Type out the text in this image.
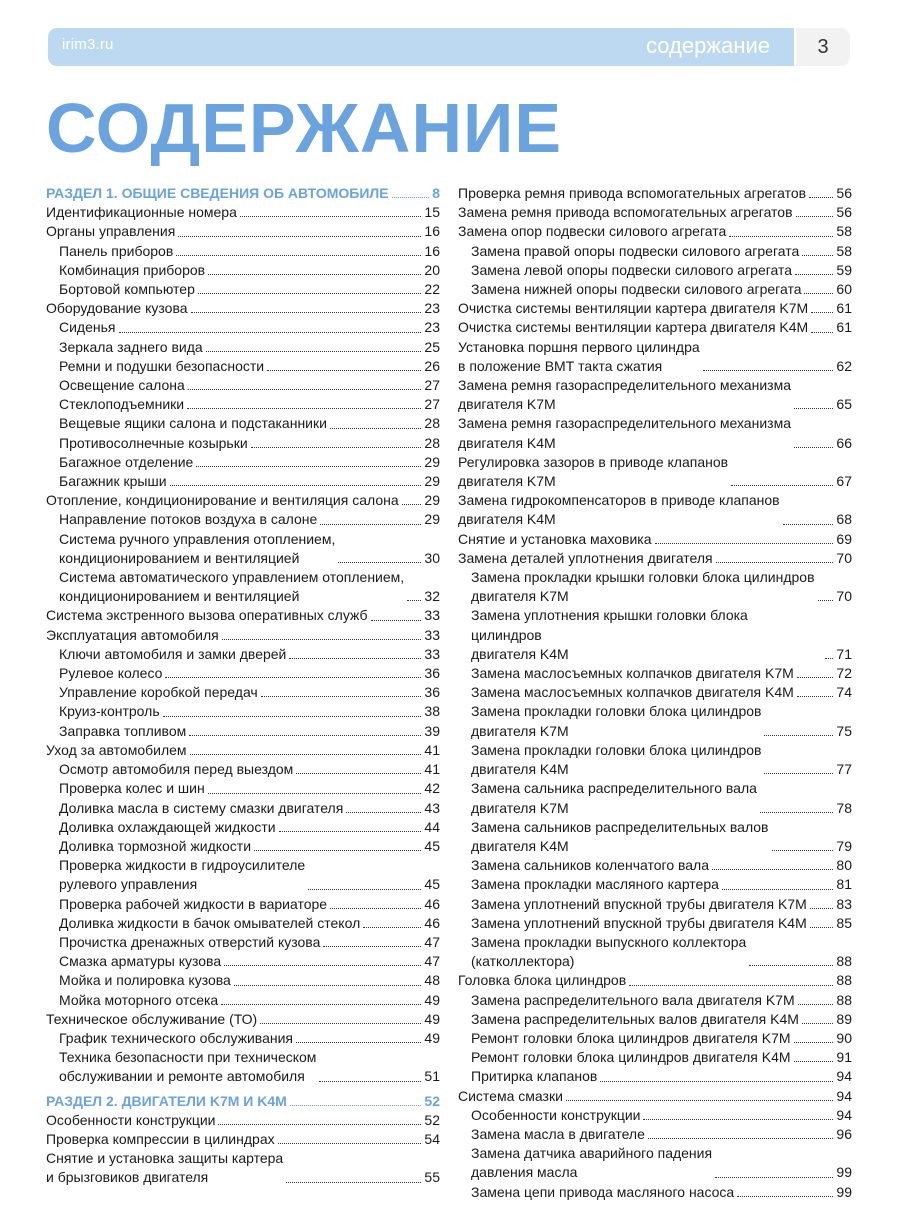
irim3.ru	содержание	3
СОДЕРЖАНИЕ
РАЗДЕЛ 1. ОБЩИЕ СВЕДЕНИЯ ОБ АВТОМОБИЛЕ	8
Идентификационные номера	15
Органы управления	16
Панель приборов	16
Комбинация приборов	20
Бортовой компьютер	22
Оборудование кузова	23
Сиденья	23
Зеркала заднего вида	25
Ремни и подушки безопасности	26
Освещение салона	27
Стеклоподъемники	27
Вещевые ящики салона и подстаканники	28
Противосолнечные козырьки	28
Багажное отделение	29
Багажник крыши	29
Отопление, кондиционирование и вентиляция салона 29
Направление потоков воздуха в салоне	29
Система ручного управления отоплением,
кондиционированием и вентиляцией	30
Система автоматического управлением отоплением,
кондиционированием и вентиляцией	32
Система экстренного вызова оперативных служб	33
Эксплуатация автомобиля	33
Ключи автомобиля и замки дверей	33
Рулевое колесо	36
Управление коробкой передач	36
Круиз-контроль	38
Заправка топливом	39
Уход за автомобилем	41
Осмотр автомобиля перед выездом	41
Проверка колес и шин	42
Доливка масла в систему смазки двигателя	43
Доливка охлаждающей жидкости	44
Доливка тормозной жидкости	45
Проверка жидкости в гидроусилителе
рулевого управления	45
Проверка рабочей жидкости в вариаторе	46
Доливка жидкости в бачок омывателей стекол	46
Прочистка дренажных отверстий кузова	47
Смазка арматуры кузова	47
Мойка и полировка кузова	48
Мойка моторного отсека	49
Техническое обслуживание (ТО)	49
График технического обслуживания	49
Техника безопасности при техническом
обслуживании и ремонте автомобиля	51
РАЗДЕЛ 2. ДВИГАТЕЛИ K7M И K4M	52
Особенности конструкции	52
Проверка компрессии в цилиндрах	54
Снятие и установка защиты картера
и брызговиков двигателя	55
Проверка ремня привода вспомогательных агрегатов 56
Замена ремня привода вспомогательных агрегатов	56
Замена опор подвески силового агрегата	58
Замена правой опоры подвески силового агрегата	58
Замена левой опоры подвески силового агрегата	59
Замена нижней опоры подвески силового агрегата 60
Очистка системы вентиляции картера двигателя K7M 61
Очистка системы вентиляции картера двигателя K4M 61
Установка поршня первого цилиндра
в положение ВМТ такта сжатия	62
Замена ремня газораспределительного механизма
двигателя K7M	65
Замена ремня газораспределительного механизма
двигателя K4M	66
Регулировка зазоров в приводе клапанов
двигателя K7M	67
Замена гидрокомпенсаторов в приводе клапанов
двигателя K4M	68
Снятие и установка маховика	69
Замена деталей уплотнения двигателя	70
Замена прокладки крышки головки блока цилиндров
двигателя K7M	70
Замена уплотнения крышки головки блока цилиндров
двигателя K4M	71
Замена маслосъемных колпачков двигателя K7M	72
Замена маслосъемных колпачков двигателя K4M	74
Замена прокладки головки блока цилиндров
двигателя K7M	75
Замена прокладки головки блока цилиндров
двигателя K4M	77
Замена сальника распределительного вала
двигателя K7M	78
Замена сальников распределительных валов
двигателя K4M	79
Замена сальников коленчатого вала	80
Замена прокладки масляного картера	81
Замена уплотнений впускной трубы двигателя K7M 83
Замена уплотнений впускной трубы двигателя K4M 85
Замена прокладки выпускного коллектора
(катколлектора)	88
Головка блока цилиндров	88
Замена распределительного вала двигателя K7M	88
Замена распределительных валов двигателя K4M	89
Ремонт головки блока цилиндров двигателя K7M	90
Ремонт головки блока цилиндров двигателя K4M	91
Притирка клапанов	94
Система смазки	94
Особенности конструкции	94
Замена масла в двигателе	96
Замена датчика аварийного падения
давления масла	99
Замена цепи привода масляного насоса	99
